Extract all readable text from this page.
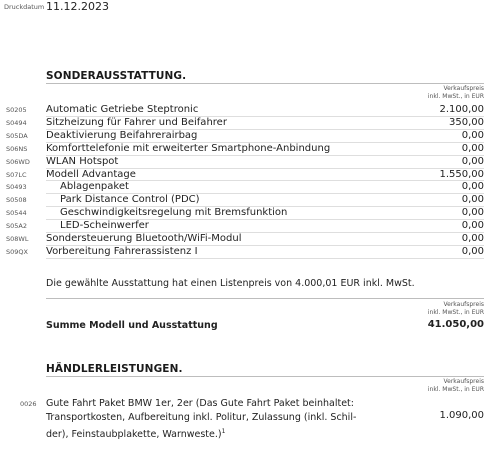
Druckdatum 11.12.2023
SONDERAUSSTATTUNG.
Verkaufspreis
inkl. MwSt., in EUR
S0205	Automatic Getriebe Steptronic	2.100,00
S0494	Sitzheizung für Fahrer und Beifahrer	350,00
S05DA	Deaktivierung Beifahrerairbag	0,00
S06NS	Komforttelefonie mit erweiterter Smartphone-Anbindung	0,00
S06WD	WLAN Hotspot	0,00
S07LC	Modell Advantage	1.550,00
S0493	Ablagenpaket	0,00
S0508	Park Distance Control (PDC)	0,00
S0544	Geschwindigkeitsregelung mit Bremsfunktion	0,00
S05A2	LED-Scheinwerfer	0,00
S08WL	Sondersteuerung Bluetooth/WiFi-Modul	0,00
S09QX	Vorbereitung Fahrerassistenz I	0,00
Die gewählte Ausstattung hat einen Listenpreis von 4.000,01 EUR inkl. MwSt.
Verkaufspreis
inkl. MwSt., in EUR
Summe Modell und Ausstattung	41.050,00
HÄNDLERLEISTUNGEN.
Verkaufspreis
inkl. MwSt., in EUR
0026 Gute Fahrt Paket BMW 1er, 2er (Das Gute Fahrt Paket beinhaltet:
Transportkosten, Aufbereitung inkl. Politur, Zulassung (inkl. Schil-
der), Feinstaubplakette, Warnweste.)$^1$
1.090,00
